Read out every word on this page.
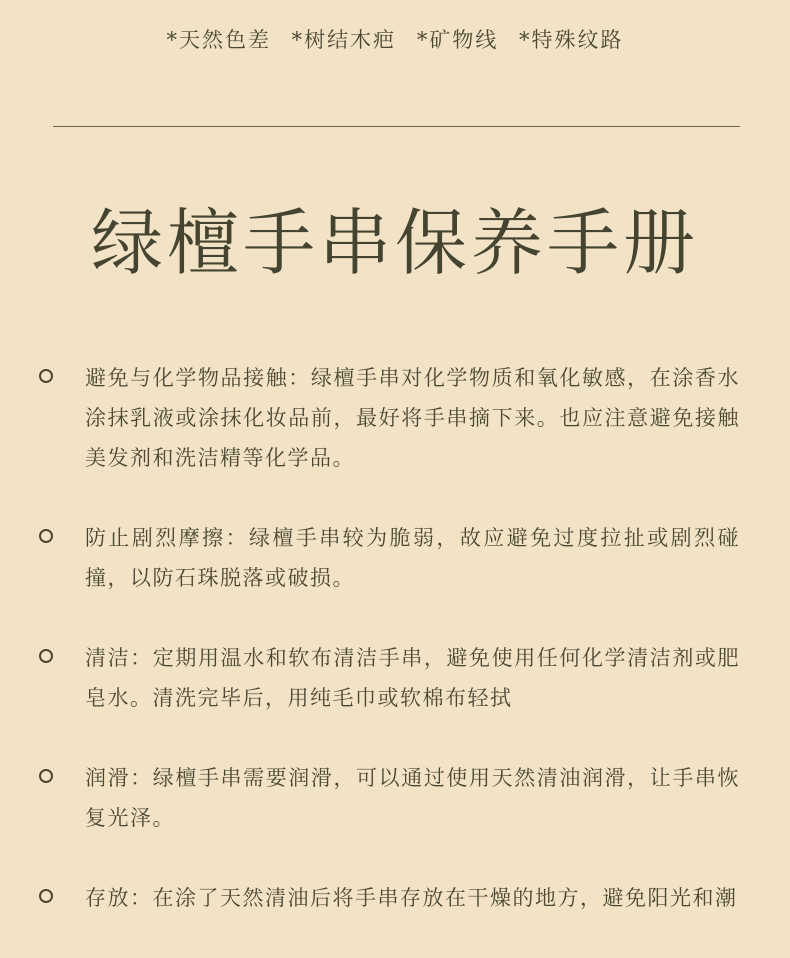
*天然色差 *树结木疤 *矿物线 *特殊纹路
绿檀手串保养手册
避免与化学物品接触：绿檀手串对化学物质和氧化敏感，在涂香水涂抹乳液或涂抹化妆品前，最好将手串摘下来。也应注意避免接触美发剂和洗洁精等化学品。
防止剧烈摩擦：绿檀手串较为脆弱，故应避免过度拉扯或剧烈碰撞，以防石珠脱落或破损。
清洁：定期用温水和软布清洁手串，避免使用任何化学清洁剂或肥皂水。清洗完毕后，用纯毛巾或软棉布轻拭
润滑：绿檀手串需要润滑，可以通过使用天然清油润滑，让手串恢复光泽。
存放：在涂了天然清油后将手串存放在干燥的地方，避免阳光和潮
